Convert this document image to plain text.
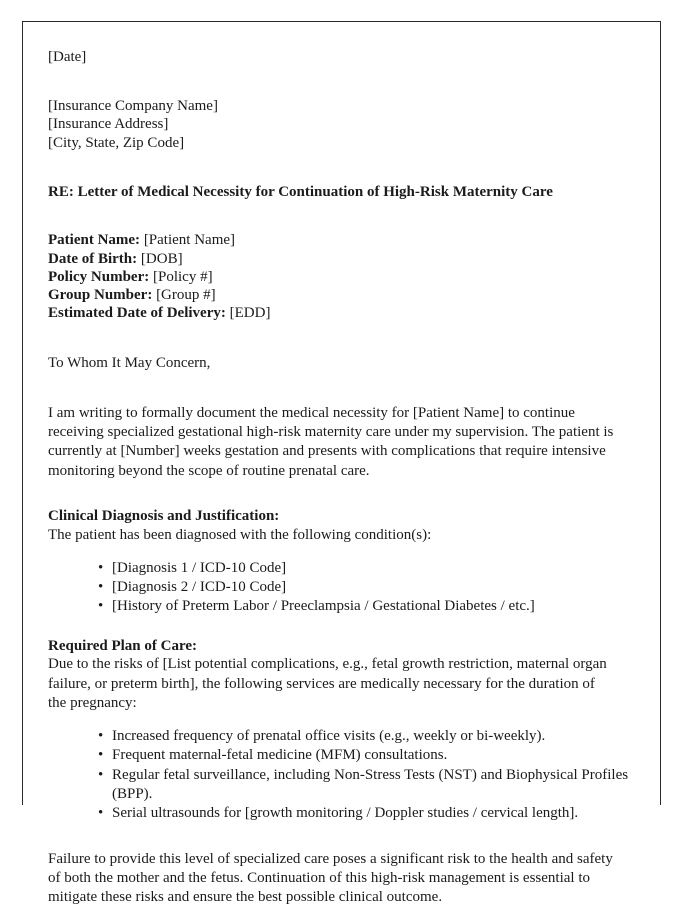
[Date]
[Insurance Company Name]
[Insurance Address]
[City, State, Zip Code]
RE: Letter of Medical Necessity for Continuation of High-Risk Maternity Care
Patient Name: [Patient Name]
Date of Birth: [DOB]
Policy Number: [Policy #]
Group Number: [Group #]
Estimated Date of Delivery: [EDD]
To Whom It May Concern,

I am writing to formally document the medical necessity for [Patient Name] to continue receiving specialized gestational high-risk maternity care under my supervision. The patient is currently at [Number] weeks gestation and presents with complications that require intensive monitoring beyond the scope of routine prenatal care.

Clinical Diagnosis and Justification:
The patient has been diagnosed with the following condition(s):
• [Diagnosis 1 / ICD-10 Code]
• [Diagnosis 2 / ICD-10 Code]
• [History of Preterm Labor / Preeclampsia / Gestational Diabetes / etc.]
Required Plan of Care:

Due to the risks of [List potential complications, e.g., fetal growth restriction, maternal organ failure, or preterm birth], the following services are medically necessary for the duration of the pregnancy:

• Increased frequency of prenatal office visits (e.g., weekly or bi-weekly).
• Frequent maternal-fetal medicine (MFM) consultations.
• Regular fetal surveillance, including Non-Stress Tests (NST) and Biophysical Profiles (BPP).
• Serial ultrasounds for [growth monitoring / Doppler studies / cervical length].

Failure to provide this level of specialized care poses a significant risk to the health and safety of both the mother and the fetus. Continuation of this high-risk management is essential to mitigate these risks and ensure the best possible clinical outcome.
